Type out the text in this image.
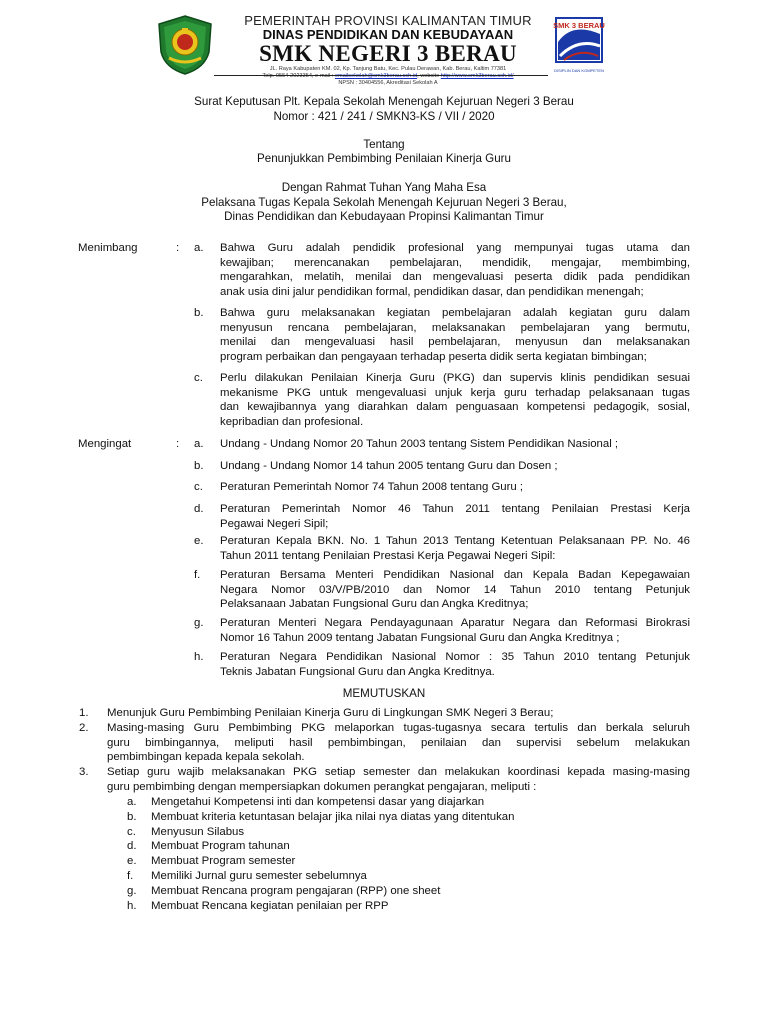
PEMERINTAH PROVINSI KALIMANTAN TIMUR
DINAS PENDIDIKAN DAN KEBUDAYAAN
SMK NEGERI 3 BERAU
JL. Raya Kabupaten KM. 02, Kp. Tanjung Batu, Kec. Pulau Derawan, Kab. Berau, Kaltim 77381
Telp. 0554-2023354, e-mail : emailsekolah@smk3berau.sch.id, website http://www.smk3berau.sch.id/
NPSN : 30404556, Akreditasi Sekolah A
SMK 3 BERAU
DISIPLIN DAN KOMPETEN
Surat Keputusan Plt. Kepala Sekolah Menengah Kejuruan Negeri 3 Berau
Nomor : 421 / 241 / SMKN3-KS / VII / 2020
Tentang
Penunjukkan Pembimbing Penilaian Kinerja Guru
Dengan Rahmat Tuhan Yang Maha Esa
Pelaksana Tugas Kepala Sekolah Menengah Kejuruan Negeri 3 Berau,
Dinas Pendidikan dan Kebudayaan Propinsi Kalimantan Timur
Menimbang	: a. Bahwa Guru adalah pendidik profesional yang mempunyai tugas utama dan
kewajiban; merencanakan pembelajaran, mendidik, mengajar, membimbing,
mengarahkan, melatih, menilai dan mengevaluasi peserta didik pada pendidikan
anak usia dini jalur pendidikan formal, pendidikan dasar, dan pendidikan menengah;
b. Bahwa guru melaksanakan kegiatan pembelajaran adalah kegiatan guru dalam
menyusun rencana pembelajaran, melaksanakan pembelajaran yang bermutu,
menilai dan mengevaluasi hasil pembelajaran, menyusun dan melaksanakan
program perbaikan dan pengayaan terhadap peserta didik serta kegiatan bimbingan;
c. Perlu dilakukan Penilaian Kinerja Guru (PKG) dan supervis klinis pendidikan sesuai
mekanisme PKG untuk mengevaluasi unjuk kerja guru terhadap pelaksanaan tugas
dan kewajibannya yang diarahkan dalam penguasaan kompetensi pedagogik, sosial,
kepribadian dan profesional.
Mengingat	: a. Undang - Undang Nomor 20 Tahun 2003 tentang Sistem Pendidikan Nasional ;
b. Undang - Undang Nomor 14 tahun 2005 tentang Guru dan Dosen ;
c. Peraturan Pemerintah Nomor 74 Tahun 2008 tentang Guru ;
d. Peraturan Pemerintah Nomor 46 Tahun 2011 tentang Penilaian Prestasi Kerja
Pegawai Negeri Sipil;
e. Peraturan Kepala BKN. No. 1 Tahun 2013 Tentang Ketentuan Pelaksanaan PP. No. 46
Tahun 2011 tentang Penilaian Prestasi Kerja Pegawai Negeri Sipil:
f. Peraturan Bersama Menteri Pendidikan Nasional dan Kepala Badan Kepegawaian
Negara Nomor 03/V/PB/2010 dan Nomor 14 Tahun 2010 tentang Petunjuk
Pelaksanaan Jabatan Fungsional Guru dan Angka Kreditnya;
g. Peraturan Menteri Negara Pendayagunaan Aparatur Negara dan Reformasi Birokrasi
Nomor 16 Tahun 2009 tentang Jabatan Fungsional Guru dan Angka Kreditnya ;
h. Peraturan Negara Pendidikan Nasional Nomor : 35 Tahun 2010 tentang Petunjuk
Teknis Jabatan Fungsional Guru dan Angka Kreditnya.
MEMUTUSKAN
1. Menunjuk Guru Pembimbing Penilaian Kinerja Guru di Lingkungan SMK Negeri 3 Berau;
2. Masing-masing Guru Pembimbing PKG melaporkan tugas-tugasnya secara tertulis dan berkala seluruh
guru bimbingannya, meliputi hasil pembimbingan, penilaian dan supervisi sebelum melakukan
pembimbingan kepada kepala sekolah.
3. Setiap guru wajib melaksanakan PKG setiap semester dan melakukan koordinasi kepada masing-masing
guru pembimbing dengan mempersiapkan dokumen perangkat pengajaran, meliputi :
a. Mengetahui Kompetensi inti dan kompetensi dasar yang diajarkan
b. Membuat kriteria ketuntasan belajar jika nilai nya diatas yang ditentukan
c. Menyusun Silabus
d. Membuat Program tahunan
e. Membuat Program semester
f. Memiliki Jurnal guru semester sebelumnya
g. Membuat Rencana program pengajaran (RPP) one sheet
h. Membuat Rencana kegiatan penilaian per RPP
